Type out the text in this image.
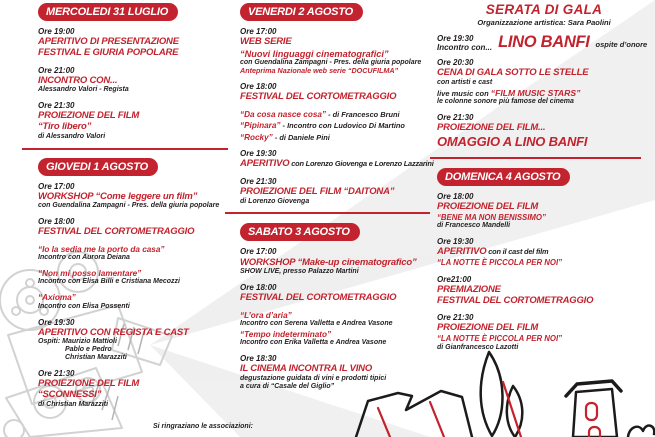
MERCOLEDI 31 LUGLIO
Ore 19:00
APERITIVO DI PRESENTAZIONE
FESTIVAL E GIURIA POPOLARE
Ore 21:00
INCONTRO CON...
Alessandro Valori - Regista
Ore 21:30
PROIEZIONE DEL FILM
“Tiro libero”
di Alessandro Valori
GIOVEDI 1 AGOSTO
Ore 17:00
WORKSHOP “Come leggere un film”
con Guendalina Zampagni - Pres. della giuria popolare
Ore 18:00
FESTIVAL DEL CORTOMETRAGGIO
“Io la sedia me la porto da casa”
Incontro con Aurora Deiana
“Non mi posso lamentare”
Incontro con Elisa Billi e Cristiana Mecozzi
“Axioma”
Incontro con Elisa Possenti
Ore 19:30
APERITIVO CON REGISTA E CAST
Ospiti: Maurizio Mattioli
Pablo e Pedro
Christian Marazziti
Ore 21:30
PROIEZIONE DEL FILM
“SCONNESSI”
di Christian Marazziti
VENERDI 2 AGOSTO
Ore 17:00
WEB SERIE
“Nuovi linguaggi cinematografici”
con Guendalina Zampagni - Pres. della giuria popolare
Anteprima Nazionale web serie “DOCUFILMA”
Ore 18:00
FESTIVAL DEL CORTOMETRAGGIO
“Da cosa nasce cosa” - di Francesco Bruni
“Pipinara” - Incontro con Ludovico Di Martino
“Rocky” - di Daniele Pini
Ore 19:30
APERITIVO con Lorenzo Giovenga e Lorenzo Lazzarini
Ore 21:30
PROIEZIONE DEL FILM “DAITONA”
di Lorenzo Giovenga
SABATO 3 AGOSTO
Ore 17:00
WORKSHOP “Make-up cinematografico”
SHOW LIVE, presso Palazzo Martini
Ore 18:00
FESTIVAL DEL CORTOMETRAGGIO
“L’ora d’aria”
Incontro con Serena Valletta e Andrea Vasone
“Tempo indeterminato”
Incontro con Erika Valletta e Andrea Vasone
Ore 18:30
IL CINEMA INCONTRA IL VINO
degustazione guidata di vini e prodotti tipici
a cura di “Casale del Giglio”
SERATA DI GALA
Organizzazione artistica: Sara Paolini
Ore 19:30
Incontro con... LINO BANFI ospite d’onore
Ore 20:30
CENA DI GALA SOTTO LE STELLE
con artisti e cast
live music con “FILM MUSIC STARS”
le colonne sonore più famose del cinema
Ore 21:30
PROIEZIONE DEL FILM...
OMAGGIO A LINO BANFI
DOMENICA 4 AGOSTO
Ore 18:00
PROIEZIONE DEL FILM
“BENE MA NON BENISSIMO”
di Francesco Mandelli
Ore 19:30
APERITIVO con il cast del film
“LA NOTTE È PICCOLA PER NOI”
Ore21:00
PREMIAZIONE
FESTIVAL DEL CORTOMETRAGGIO
Ore 21:30
PROIEZIONE DEL FILM
“LA NOTTE È PICCOLA PER NOI”
di Gianfrancesco Lazotti
Si ringraziano le associazioni:
